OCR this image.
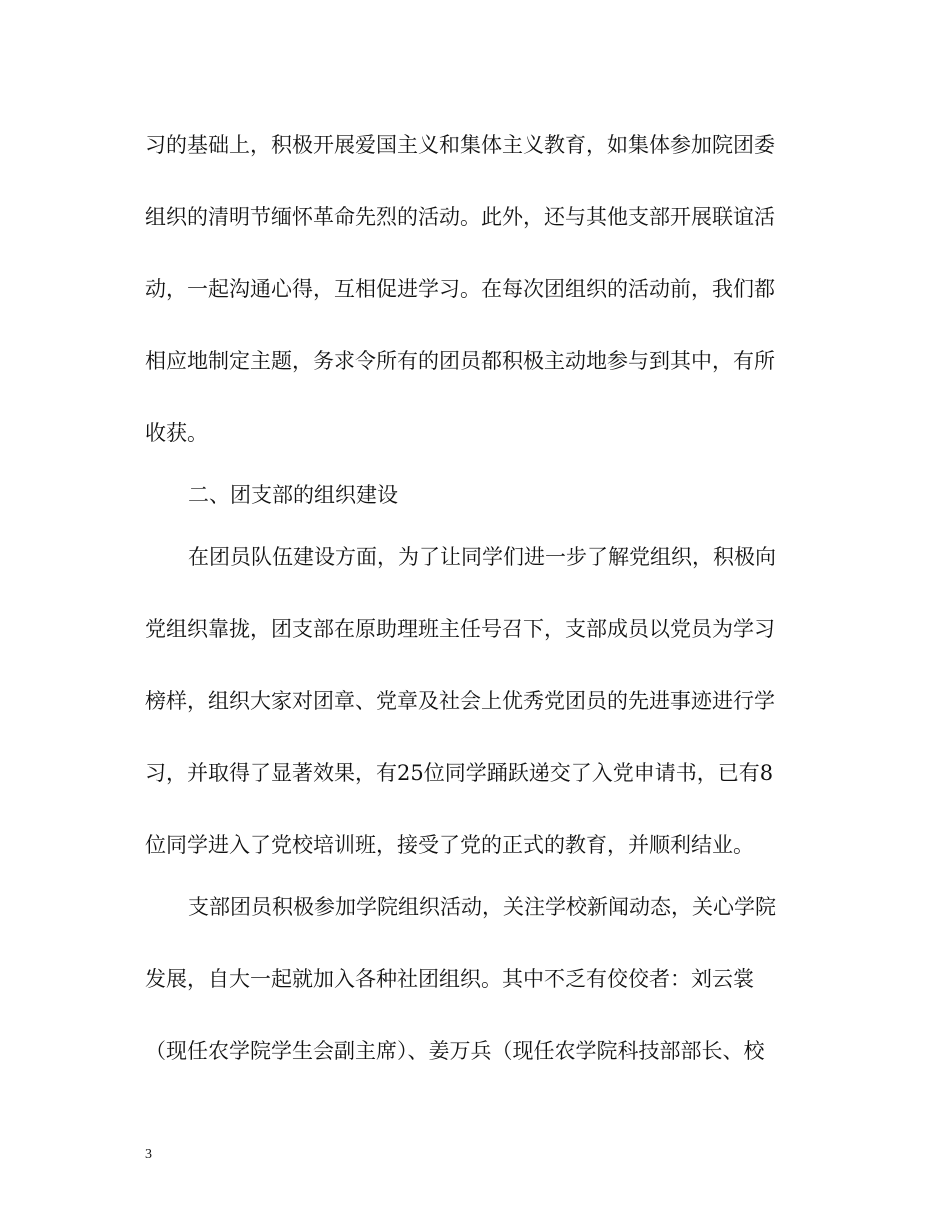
习的基础上，积极开展爱国主义和集体主义教育，如集体参加院团委

组织的清明节缅怀革命先烈的活动。此外，还与其他支部开展联谊活

动，一起沟通心得，互相促进学习。在每次团组织的活动前，我们都

相应地制定主题，务求令所有的团员都积极主动地参与到其中，有所

收获。

二、团支部的组织建设

在团员队伍建设方面，为了让同学们进一步了解党组织，积极向

党组织靠拢，团支部在原助理班主任号召下，支部成员以党员为学习

榜样，组织大家对团章、党章及社会上优秀党团员的先进事迹进行学

习，并取得了显著效果，有25位同学踊跃递交了入党申请书，已有8

位同学进入了党校培训班，接受了党的正式的教育，并顺利结业。

支部团员积极参加学院组织活动，关注学校新闻动态，关心学院

发展，自大一起就加入各种社团组织。其中不乏有佼佼者：刘云裳

（现任农学院学生会副主席）、姜万兵（现任农学院科技部部长、校

3
